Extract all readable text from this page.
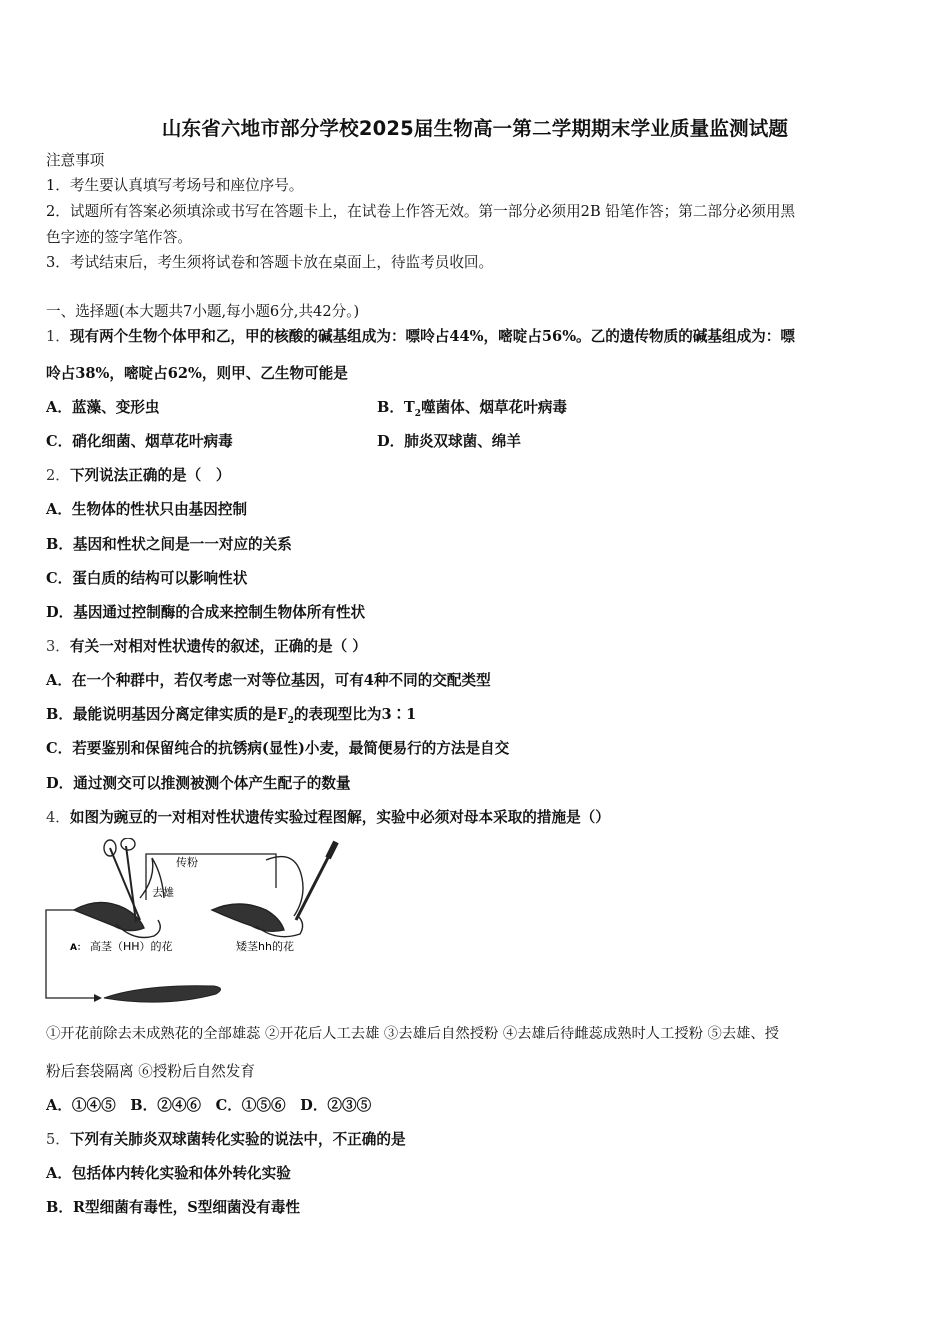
山东省六地市部分学校2025届生物高一第二学期期末学业质量监测试题
注意事项
1．考生要认真填写考场号和座位序号。
2．试题所有答案必须填涂或书写在答题卡上，在试卷上作答无效。第一部分必须用2B 铅笔作答；第二部分必须用黑
色字迹的签字笔作答。
3．考试结束后，考生须将试卷和答题卡放在桌面上，待监考员收回。
一、选择题(本大题共7小题,每小题6分,共42分。)
1．现有两个生物个体甲和乙，甲的核酸的碱基组成为：嘌呤占44%，嘧啶占56%。乙的遗传物质的碱基组成为：嘌
呤占38%，嘧啶占62%，则甲、乙生物可能是
A．蓝藻、变形虫	B．$T_2$噬菌体、烟草花叶病毒
C．硝化细菌、烟草花叶病毒	D．肺炎双球菌、绵羊
2．下列说法正确的是（　）
A．生物体的性状只由基因控制
B．基因和性状之间是一一对应的关系
C．蛋白质的结构可以影响性状
D．基因通过控制酶的合成来控制生物体所有性状
3．有关一对相对性状遗传的叙述，正确的是（ ）
A．在一个种群中，若仅考虑一对等位基因，可有4种不同的交配类型
B．最能说明基因分离定律实质的是$F_2$的表现型比为3∶1
C．若要鉴别和保留纯合的抗锈病(显性)小麦，最简便易行的方法是自交
D．通过测交可以推测被测个体产生配子的数量
4．如图为豌豆的一对相对性状遗传实验过程图解，实验中必须对母本采取的措施是（）
传粉
去雄
A： 高茎（HH）的花	矮茎hh的花
①开花前除去未成熟花的全部雄蕊 ②开花后人工去雄 ③去雄后自然授粉 ④去雄后待雌蕊成熟时人工授粉 ⑤去雄、授
粉后套袋隔离 ⑥授粉后自然发育
A．①④⑤　B．②④⑥　C．①⑤⑥　D．②③⑤
5．下列有关肺炎双球菌转化实验的说法中，不正确的是
A．包括体内转化实验和体外转化实验
B．R型细菌有毒性，S型细菌没有毒性
